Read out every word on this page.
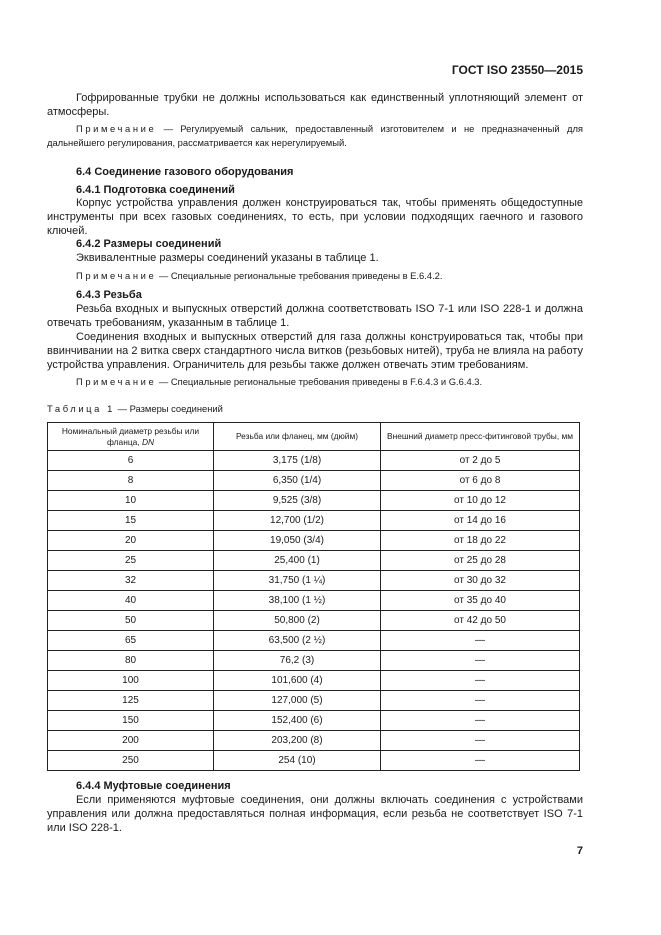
ГОСТ ISO 23550—2015
Гофрированные трубки не должны использоваться как единственный уплотняющий элемент от атмосферы.
Примечание — Регулируемый сальник, предоставленный изготовителем и не предназначенный для дальнейшего регулирования, рассматривается как нерегулируемый.
6.4 Соединение газового оборудования
6.4.1 Подготовка соединений
Корпус устройства управления должен конструироваться так, чтобы применять общедоступные инструменты при всех газовых соединениях, то есть, при условии подходящих гаечного и газового ключей.
6.4.2 Размеры соединений
Эквивалентные размеры соединений указаны в таблице 1.
Примечание — Специальные региональные требования приведены в Е.6.4.2.
6.4.3 Резьба
Резьба входных и выпускных отверстий должна соответствовать ISO 7-1 или ISO 228-1 и должна отвечать требованиям, указанным в таблице 1.
Соединения входных и выпускных отверстий для газа должны конструироваться так, чтобы при ввинчивании на 2 витка сверх стандартного числа витков (резьбовых нитей), труба не влияла на работу устройства управления. Ограничитель для резьбы также должен отвечать этим требованиям.
Примечание — Специальные региональные требования приведены в F.6.4.3 и G.6.4.3.
Таблица 1 — Размеры соединений
Номинальный диаметр резьбы или фланца, DN	Резьба или фланец, мм (дюйм)	Внешний диаметр пресс-фитинговой трубы, мм
6	3,175 (1/8)	от 2 до 5
8	6,350 (1/4)	от 6 до 8
10	9,525 (3/8)	от 10 до 12
15	12,700 (1/2)	от 14 до 16
20	19,050 (3/4)	от 18 до 22
25	25,400 (1)	от 25 до 28
32	31,750 (1 ¼)	от 30 до 32
40	38,100 (1 ½)	от 35 до 40
50	50,800 (2)	от 42 до 50
65	63,500 (2 ½)	—
80	76,2 (3)	—
100	101,600 (4)	—
125	127,000 (5)	—
150	152,400 (6)	—
200	203,200 (8)	—
250	254 (10)	—
6.4.4 Муфтовые соединения
Если применяются муфтовые соединения, они должны включать соединения с устройствами управления или должна предоставляться полная информация, если резьба не соответствует ISO 7-1 или ISO 228-1.
7
